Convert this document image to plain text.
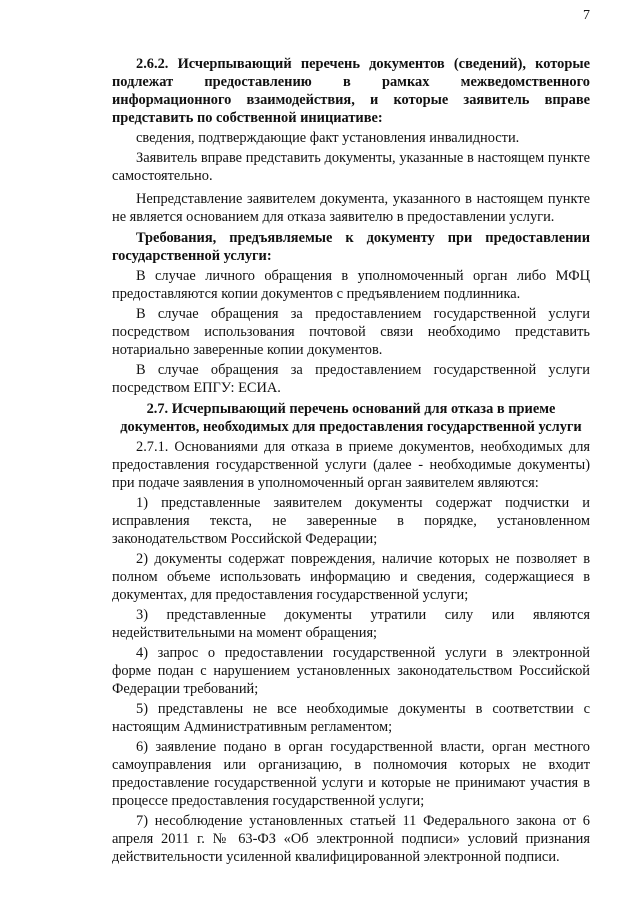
7

2.6.2. Исчерпывающий перечень документов (сведений), которые подлежат предоставлению в рамках межведомственного информационного взаимодействия, и которые заявитель вправе представить по собственной инициативе:

сведения, подтверждающие факт установления инвалидности.

Заявитель вправе представить документы, указанные в настоящем пункте самостоятельно.

Непредставление заявителем документа, указанного в настоящем пункте не является основанием для отказа заявителю в предоставлении услуги.

Требования, предъявляемые к документу при предоставлении государственной услуги:

В случае личного обращения в уполномоченный орган либо МФЦ предоставляются копии документов с предъявлением подлинника.

В случае обращения за предоставлением государственной услуги посредством использования почтовой связи необходимо представить нотариально заверенные копии документов.

В случае обращения за предоставлением государственной услуги посредством ЕПГУ: ЕСИА.

2.7. Исчерпывающий перечень оснований для отказа в приеме документов, необходимых для предоставления государственной услуги

2.7.1. Основаниями для отказа в приеме документов, необходимых для предоставления государственной услуги (далее - необходимые документы) при подаче заявления в уполномоченный орган заявителем являются:

1) представленные заявителем документы содержат подчистки и исправления текста, не заверенные в порядке, установленном законодательством Российской Федерации;

2) документы содержат повреждения, наличие которых не позволяет в полном объеме использовать информацию и сведения, содержащиеся в документах, для предоставления государственной услуги;

3) представленные документы утратили силу или являются недействительными на момент обращения;

4) запрос о предоставлении государственной услуги в электронной форме подан с нарушением установленных законодательством Российской Федерации требований;

5) представлены не все необходимые документы в соответствии с настоящим Административным регламентом;

6) заявление подано в орган государственной власти, орган местного самоуправления или организацию, в полномочия которых не входит предоставление государственной услуги и которые не принимают участия в процессе предоставления государственной услуги;

7) несоблюдение установленных статьей 11 Федерального закона от 6 апреля 2011 г. № 63-ФЗ «Об электронной подписи» условий признания действительности усиленной квалифицированной электронной подписи.
